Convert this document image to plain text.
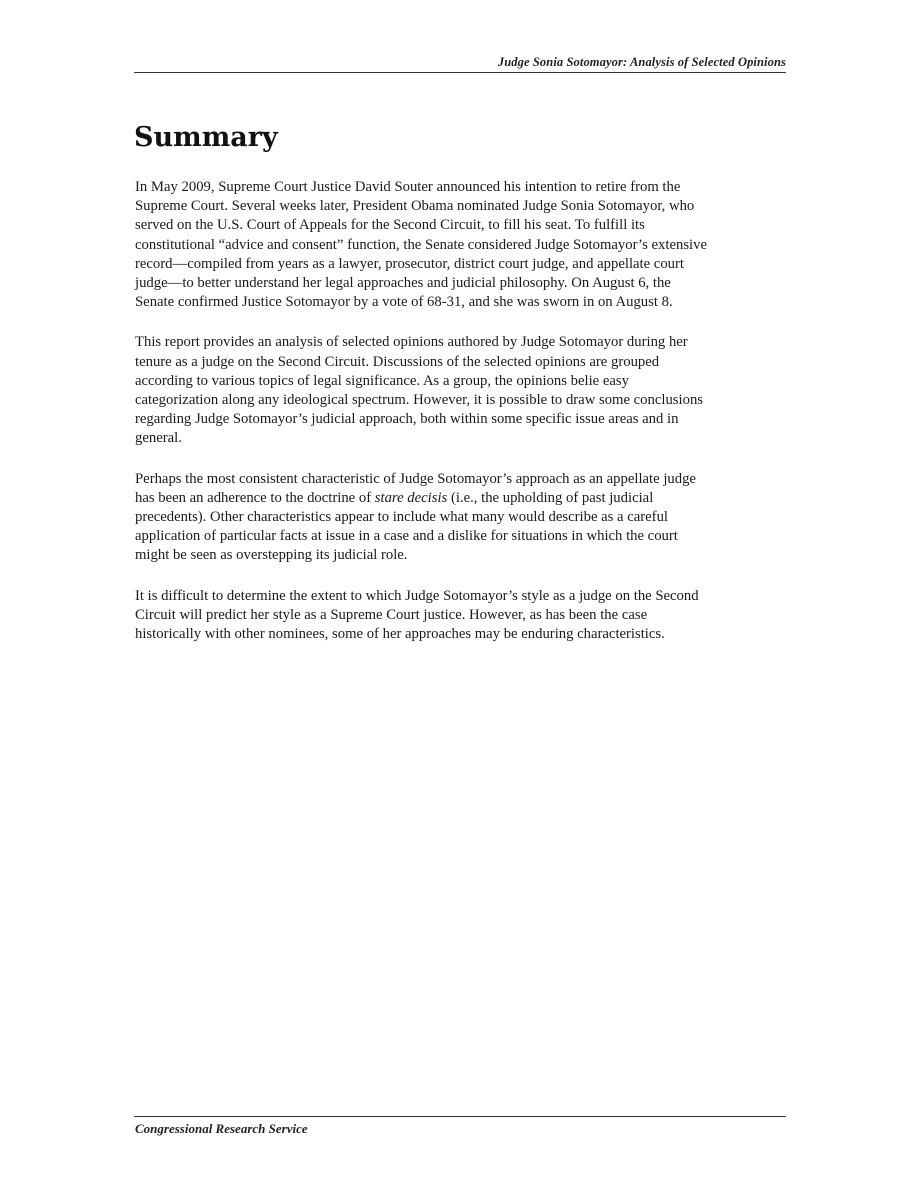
Judge Sonia Sotomayor: Analysis of Selected Opinions
Summary

In May 2009, Supreme Court Justice David Souter announced his intention to retire from the
Supreme Court. Several weeks later, President Obama nominated Judge Sonia Sotomayor, who
served on the U.S. Court of Appeals for the Second Circuit, to fill his seat. To fulfill its
constitutional “advice and consent” function, the Senate considered Judge Sotomayor’s extensive
record—compiled from years as a lawyer, prosecutor, district court judge, and appellate court
judge—to better understand her legal approaches and judicial philosophy. On August 6, the
Senate confirmed Justice Sotomayor by a vote of 68-31, and she was sworn in on August 8.

This report provides an analysis of selected opinions authored by Judge Sotomayor during her
tenure as a judge on the Second Circuit. Discussions of the selected opinions are grouped
according to various topics of legal significance. As a group, the opinions belie easy
categorization along any ideological spectrum. However, it is possible to draw some conclusions
regarding Judge Sotomayor’s judicial approach, both within some specific issue areas and in
general.

Perhaps the most consistent characteristic of Judge Sotomayor’s approach as an appellate judge
has been an adherence to the doctrine of stare decisis (i.e., the upholding of past judicial
precedents). Other characteristics appear to include what many would describe as a careful
application of particular facts at issue in a case and a dislike for situations in which the court
might be seen as overstepping its judicial role.

It is difficult to determine the extent to which Judge Sotomayor’s style as a judge on the Second
Circuit will predict her style as a Supreme Court justice. However, as has been the case
historically with other nominees, some of her approaches may be enduring characteristics.

Congressional Research Service
